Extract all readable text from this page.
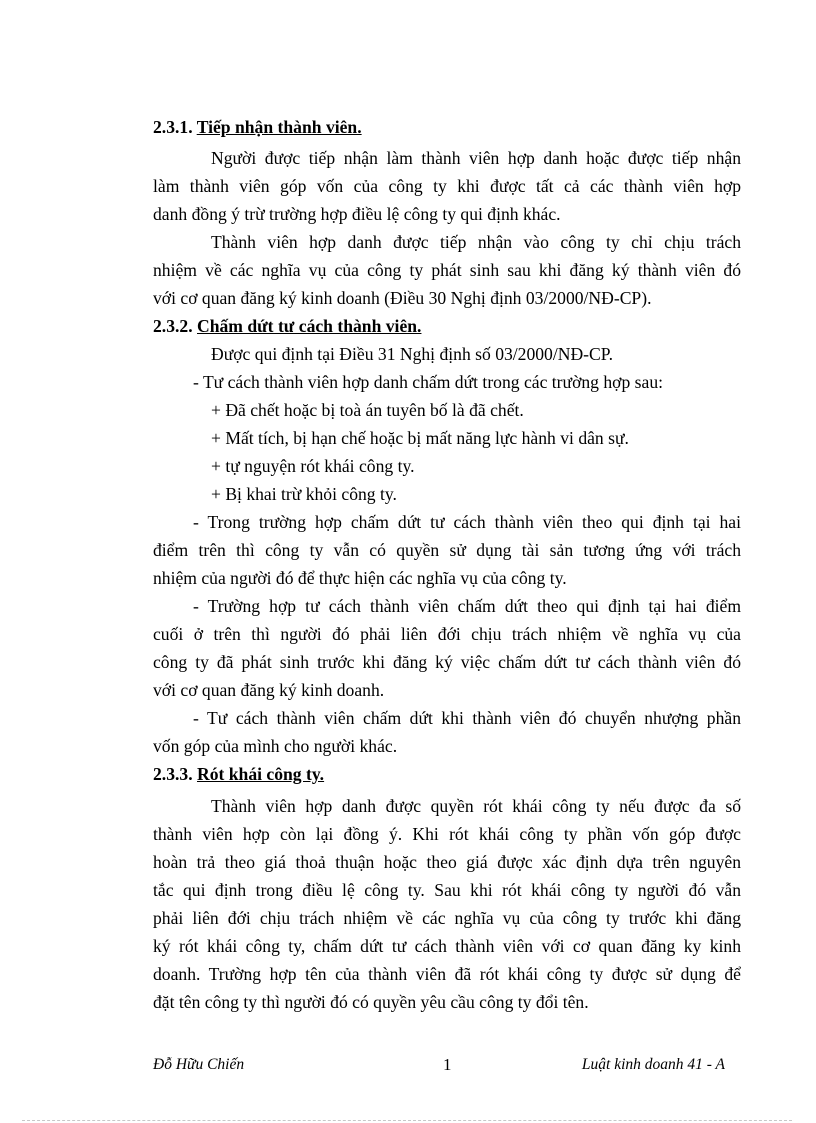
2.3.1. Tiếp nhận thành viên.
Người được tiếp nhận làm thành viên hợp danh hoặc được tiếp nhận
làm thành viên góp vốn của công ty khi được tất cả các thành viên hợp
danh đồng ý trừ trường hợp điều lệ công ty qui định khác.
Thành viên hợp danh được tiếp nhận vào công ty chỉ chịu trách
nhiệm về các nghĩa vụ của công ty phát sinh sau khi đăng ký thành viên đó
với cơ quan đăng ký kinh doanh (Điều 30 Nghị định 03/2000/NĐ-CP).
2.3.2. Chấm dứt tư cách thành viên.
Được qui định tại Điều 31 Nghị định số 03/2000/NĐ-CP.
- Tư cách thành viên hợp danh chấm dứt trong các trường hợp sau:
+ Đã chết hoặc bị toà án tuyên bố là đã chết.
+ Mất tích, bị hạn chế hoặc bị mất năng lực hành vi dân sự.
+ tự nguyện rót khái công ty.
+ Bị khai trừ khỏi công ty.
- Trong trường hợp chấm dứt tư cách thành viên theo qui định tại hai
điểm trên thì công ty vẫn có quyền sử dụng tài sản tương ứng với trách
nhiệm của người đó để thực hiện các nghĩa vụ của công ty.
- Trường hợp tư cách thành viên chấm dứt theo qui định tại hai điểm
cuối ở trên thì người đó phải liên đới chịu trách nhiệm về nghĩa vụ của
công ty đã phát sinh trước khi đăng ký việc chấm dứt tư cách thành viên đó
với cơ quan đăng ký kinh doanh.
- Tư cách thành viên chấm dứt khi thành viên đó chuyển nhượng phần
vốn góp của mình cho người khác.
2.3.3. Rót khái công ty.
Thành viên hợp danh được quyền rót khái công ty nếu được đa số
thành viên hợp còn lại đồng ý. Khi rót khái công ty phần vốn góp được
hoàn trả theo giá thoả thuận hoặc theo giá được xác định dựa trên nguyên
tắc qui định trong điều lệ công ty. Sau khi rót khái công ty người đó vẫn
phải liên đới chịu trách nhiệm về các nghĩa vụ của công ty trước khi đăng
ký rót khái công ty, chấm dứt tư cách thành viên với cơ quan đăng ky kinh
doanh. Trường hợp tên của thành viên đã rót khái công ty được sử dụng để
đặt tên công ty thì người đó có quyền yêu cầu công ty đổi tên.
Đỗ Hữu Chiến	1	Luật kinh doanh 41 - A
